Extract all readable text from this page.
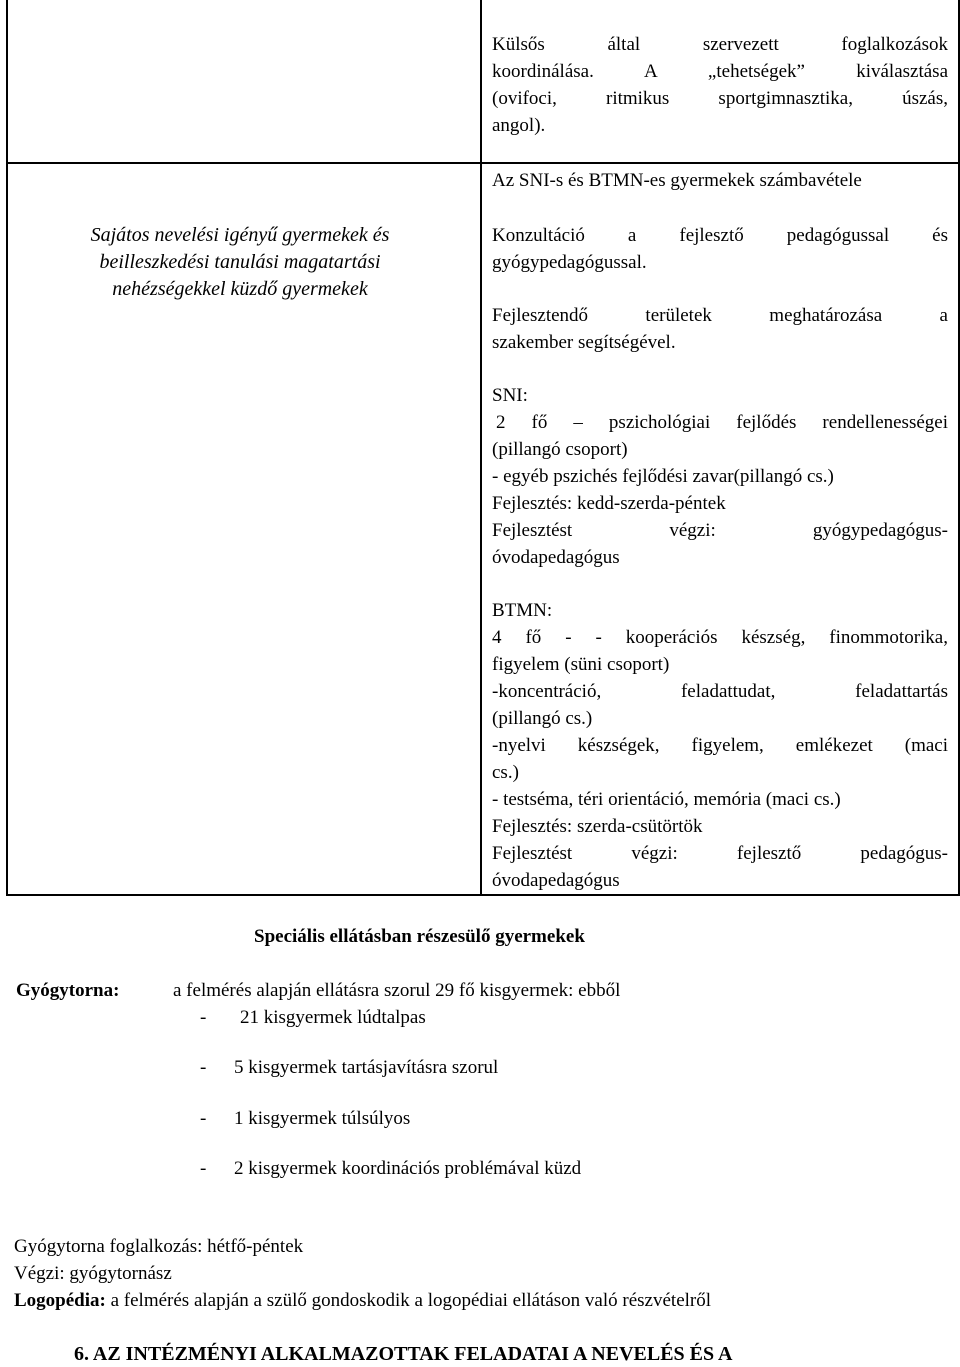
Külsős által szervezett foglalkozások
koordinálása. A „tehetségek” kiválasztása
(ovifoci, ritmikus sportgimnasztika, úszás,
angol).
Sajátos nevelési igényű gyermekek és
beilleszkedési tanulási magatartási
nehézségekkel küzdő gyermekek
Az SNI-s és BTMN-es gyermekek számbavétele
Konzultáció a fejlesztő pedagógussal és
gyógypedagógussal.
Fejlesztendő területek meghatározása a
szakember segítségével.
SNI:
2 fő – pszichológiai fejlődés rendellenességei
(pillangó csoport)
- egyéb pszichés fejlődési zavar(pillangó cs.)
Fejlesztés: kedd-szerda-péntek
Fejlesztést végzi: gyógypedagógus-
óvodapedagógus
BTMN:
4 fő - - kooperációs készség, finommotorika,
figyelem (süni csoport)
-koncentráció, feladattudat, feladattartás
(pillangó cs.)
-nyelvi készségek, figyelem, emlékezet (maci
cs.)
- testséma, téri orientáció, memória (maci cs.)
Fejlesztés: szerda-csütörtök
Fejlesztést végzi: fejlesztő pedagógus-
óvodapedagógus
Speciális ellátásban részesülő gyermekek
Gyógytorna:	a felmérés alapján ellátásra szorul 29 fő kisgyermek: ebből
- 21 kisgyermek lúdtalpas
- 5 kisgyermek tartásjavításra szorul
- 1 kisgyermek túlsúlyos
- 2 kisgyermek koordinációs problémával küzd
Gyógytorna foglalkozás: hétfő-péntek
Végzi: gyógytornász
Logopédia: a felmérés alapján a szülő gondoskodik a logopédiai ellátáson való részvételről
6. AZ INTÉZMÉNYI ALKALMAZOTTAK FELADATAI A NEVELÉS ÉS A
